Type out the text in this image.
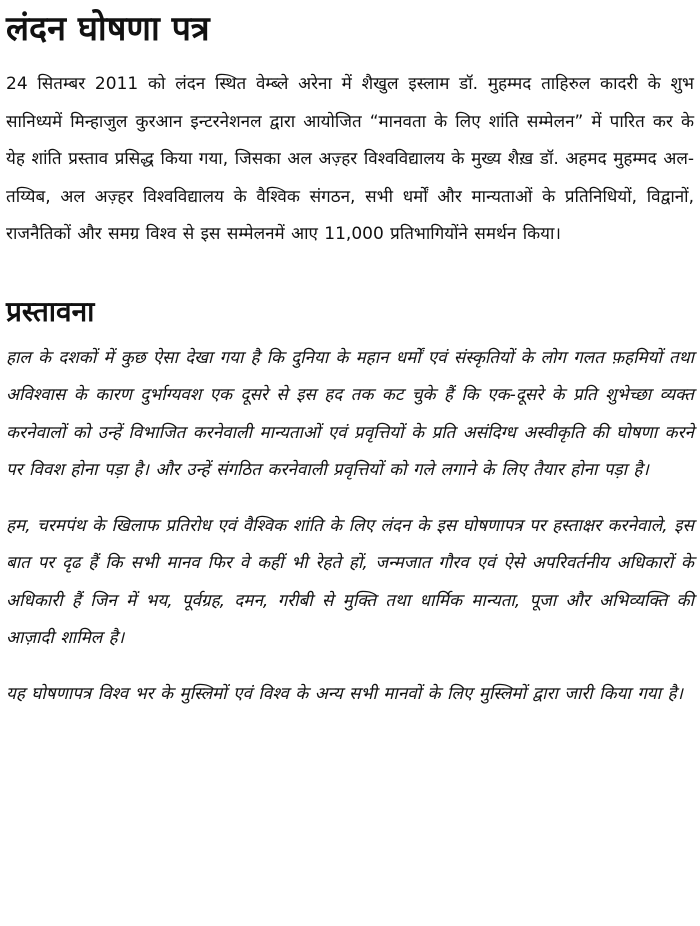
लंदन घोषणा पत्र

24 सितम्बर 2011 को लंदन स्थित वेम्ब्ले अरेना में शैखुल इस्लाम डॉ. मुहम्मद ताहिरुल कादरी के शुभ सानिध्यमें मिन्हाजुल कुरआन इन्टरनेशनल द्वारा आयोजित “मानवता के लिए शांति सम्मेलन” में पारित कर के येह शांति प्रस्ताव प्रसिद्ध किया गया, जिसका अल अज़्हर विश्वविद्यालय के मुख्य शैख़ डॉ. अहमद मुहम्मद अल-तय्यिब, अल अज़्हर विश्वविद्यालय के वैश्विक संगठन, सभी धर्मों और मान्यताओं के प्रतिनिधियों, विद्वानों, राजनैतिकों और समग्र विश्व से इस सम्मेलनमें आए 11,000 प्रतिभागियोंने समर्थन किया।

प्रस्तावना

हाल के दशकों में कुछ ऐसा देखा गया है कि दुनिया के महान धर्मों एवं संस्कृतियों के लोग गलत फ़हमियों तथा अविश्वास के कारण दुर्भाग्यवश एक दूसरे से इस हद तक कट चुके हैं कि एक-दूसरे के प्रति शुभेच्छा व्यक्त करनेवालों को उन्हें विभाजित करनेवाली मान्यताओं एवं प्रवृत्तियों के प्रति असंदिग्ध अस्वीकृति की घोषणा करने पर विवश होना पड़ा है। और उन्हें संगठित करनेवाली प्रवृत्तियों को गले लगाने के लिए तैयार होना पड़ा है।

हम, चरमपंथ के खिलाफ प्रतिरोध एवं वैश्विक शांति के लिए लंदन के इस घोषणापत्र पर हस्ताक्षर करनेवाले, इस बात पर दृढ हैं कि सभी मानव फिर वे कहीं भी रेहते हों, जन्मजात गौरव एवं ऐसे अपरिवर्तनीय अधिकारों के अधिकारी हैं जिन में भय, पूर्वग्रह, दमन, गरीबी से मुक्ति तथा धार्मिक मान्यता, पूजा और अभिव्यक्ति की आज़ादी शामिल है।

यह घोषणापत्र विश्व भर के मुस्लिमों एवं विश्व के अन्य सभी मानवों के लिए मुस्लिमों द्वारा जारी किया गया है।
